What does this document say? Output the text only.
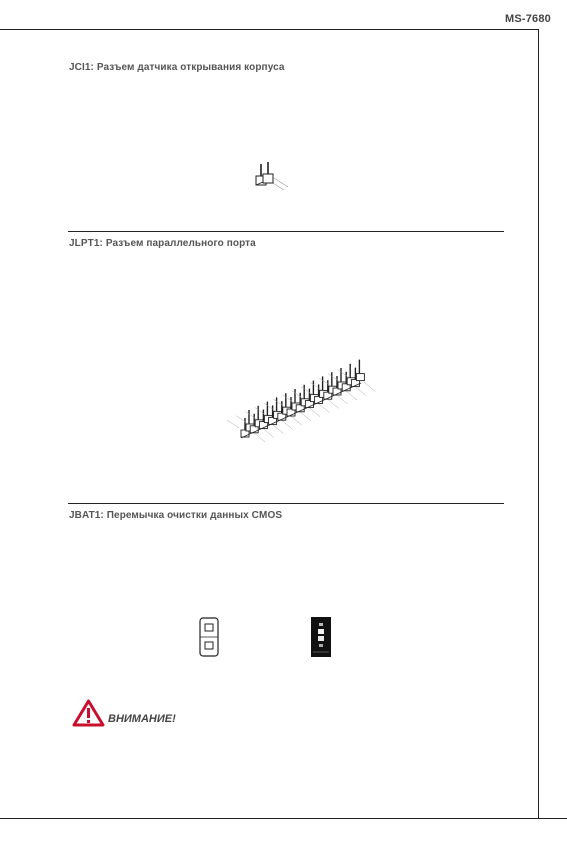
MS-7680
JCI1: Разъем датчика открывания корпуса
JLPT1: Разъем параллельного порта
JBAT1: Перемычка очистки данных CMOS
ВНИМАНИЕ!
